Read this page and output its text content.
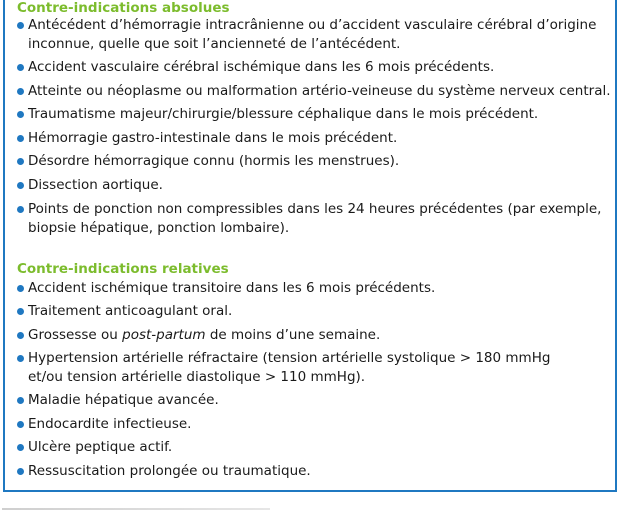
Contre-indications absolues
Antécédent d’hémorragie intracrânienne ou d’accident vasculaire cérébral d’origine
inconnue, quelle que soit l’ancienneté de l’antécédent.
Accident vasculaire cérébral ischémique dans les 6 mois précédents.
Atteinte ou néoplasme ou malformation artério-veineuse du système nerveux central.
Traumatisme majeur/chirurgie/blessure céphalique dans le mois précédent.
Hémorragie gastro-intestinale dans le mois précédent.
Désordre hémorragique connu (hormis les menstrues).
Dissection aortique.
Points de ponction non compressibles dans les 24 heures précédentes (par exemple,
biopsie hépatique, ponction lombaire).
Contre-indications relatives
Accident ischémique transitoire dans les 6 mois précédents.
Traitement anticoagulant oral.
Grossesse ou post-partum de moins d’une semaine.
Hypertension artérielle réfractaire (tension artérielle systolique > 180 mmHg
et/ou tension artérielle diastolique > 110 mmHg).
Maladie hépatique avancée.
Endocardite infectieuse.
Ulcère peptique actif.
Ressuscitation prolongée ou traumatique.
